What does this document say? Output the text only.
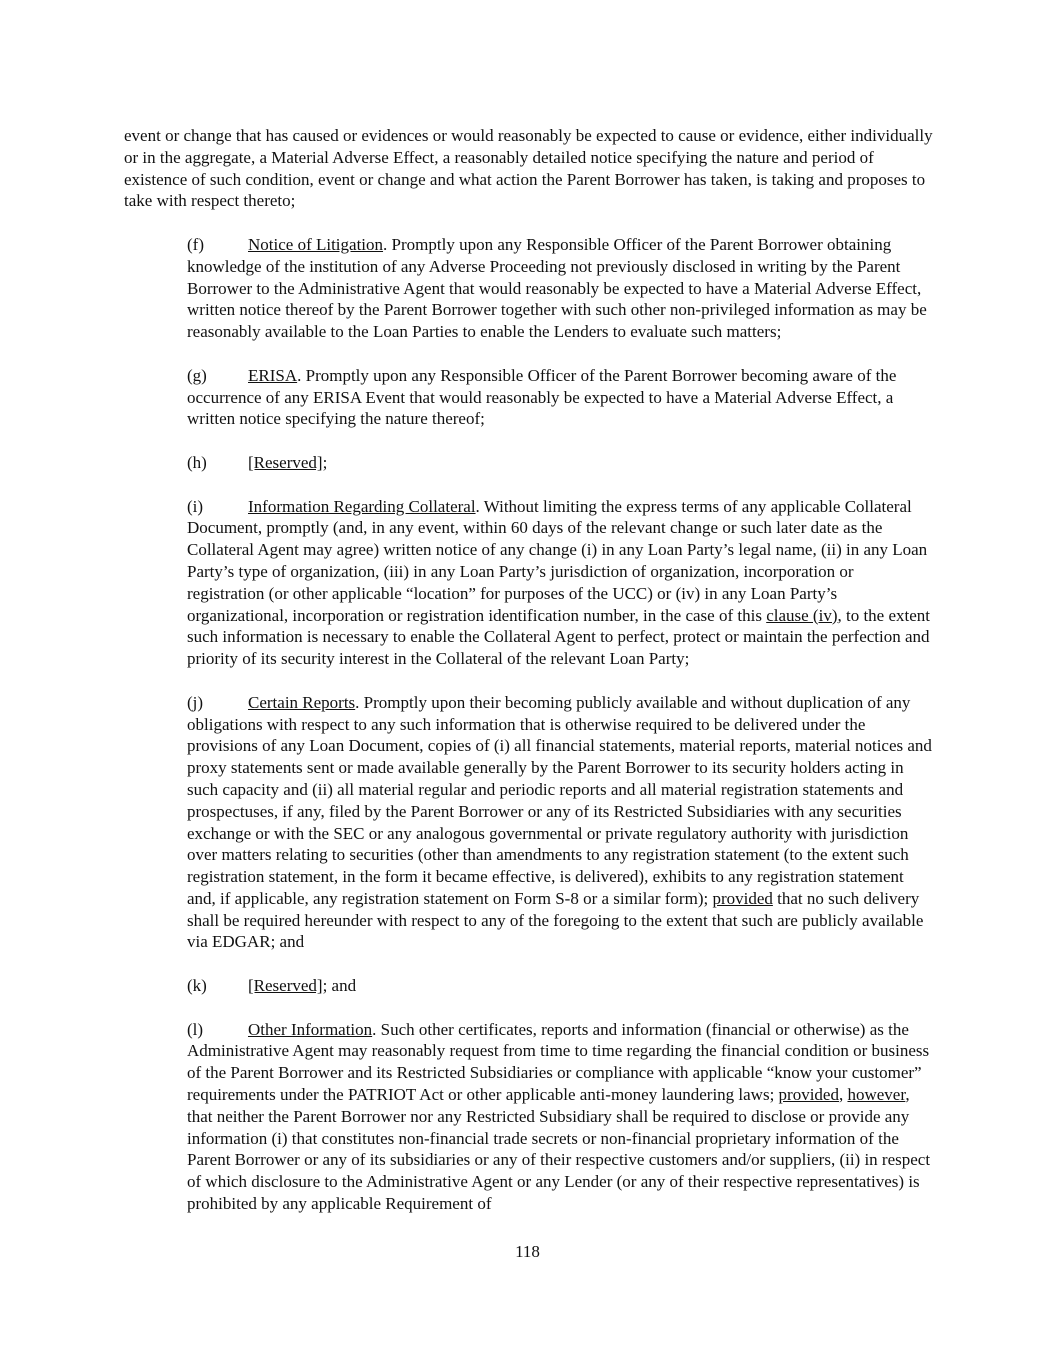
event or change that has caused or evidences or would reasonably be expected to cause or evidence, either individually or in the aggregate, a Material Adverse Effect, a reasonably detailed notice specifying the nature and period of existence of such condition, event or change and what action the Parent Borrower has taken, is taking and proposes to take with respect thereto;

(f)	Notice of Litigation. Promptly upon any Responsible Officer of the Parent Borrower obtaining knowledge of the institution of any Adverse Proceeding not previously disclosed in writing by the Parent Borrower to the Administrative Agent that would reasonably be expected to have a Material Adverse Effect, written notice thereof by the Parent Borrower together with such other non-privileged information as may be reasonably available to the Loan Parties to enable the Lenders to evaluate such matters;

(g) ERISA. Promptly upon any Responsible Officer of the Parent Borrower becoming aware of the occurrence of any ERISA Event that would reasonably be expected to have a Material Adverse Effect, a written notice specifying the nature thereof;

(h) [Reserved];

(i)	Information Regarding Collateral. Without limiting the express terms of any applicable Collateral Document, promptly (and, in any event, within 60 days of the relevant change or such later date as the Collateral Agent may agree) written notice of any change (i) in any Loan Party’s legal name, (ii) in any Loan Party’s type of organization, (iii) in any Loan Party’s jurisdiction of organization, incorporation or registration (or other applicable “location” for purposes of the UCC) or (iv) in any Loan Party’s organizational, incorporation or registration identification number, in the case of this clause (iv), to the extent such information is necessary to enable the Collateral Agent to perfect, protect or maintain the perfection and priority of its security interest in the Collateral of the relevant Loan Party;

(j)	Certain Reports. Promptly upon their becoming publicly available and without duplication of any obligations with respect to any such information that is otherwise required to be delivered under the provisions of any Loan Document, copies of (i) all financial statements, material reports, material notices and proxy statements sent or made available generally by the Parent Borrower to its security holders acting in such capacity and (ii) all material regular and periodic reports and all material registration statements and prospectuses, if any, filed by the Parent Borrower or any of its Restricted Subsidiaries with any securities exchange or with the SEC or any analogous governmental or private regulatory authority with jurisdiction over matters relating to securities (other than amendments to any registration statement (to the extent such registration statement, in the form it became effective, is delivered), exhibits to any registration statement and, if applicable, any registration statement on Form S-8 or a similar form); provided that no such delivery shall be required hereunder with respect to any of the foregoing to the extent that such are publicly available via EDGAR; and

(k) [Reserved]; and

(l)	Other Information. Such other certificates, reports and information (financial or otherwise) as the Administrative Agent may reasonably request from time to time regarding the financial condition or business of the Parent Borrower and its Restricted Subsidiaries or compliance with applicable “know your customer” requirements under the PATRIOT Act or other applicable anti-money laundering laws; provided, however, that neither the Parent Borrower nor any Restricted Subsidiary shall be required to disclose or provide any information (i) that constitutes non-financial trade secrets or non-financial proprietary information of the Parent Borrower or any of its subsidiaries or any of their respective customers and/or suppliers, (ii) in respect of which disclosure to the Administrative Agent or any Lender (or any of their respective representatives) is prohibited by any applicable Requirement of

118
